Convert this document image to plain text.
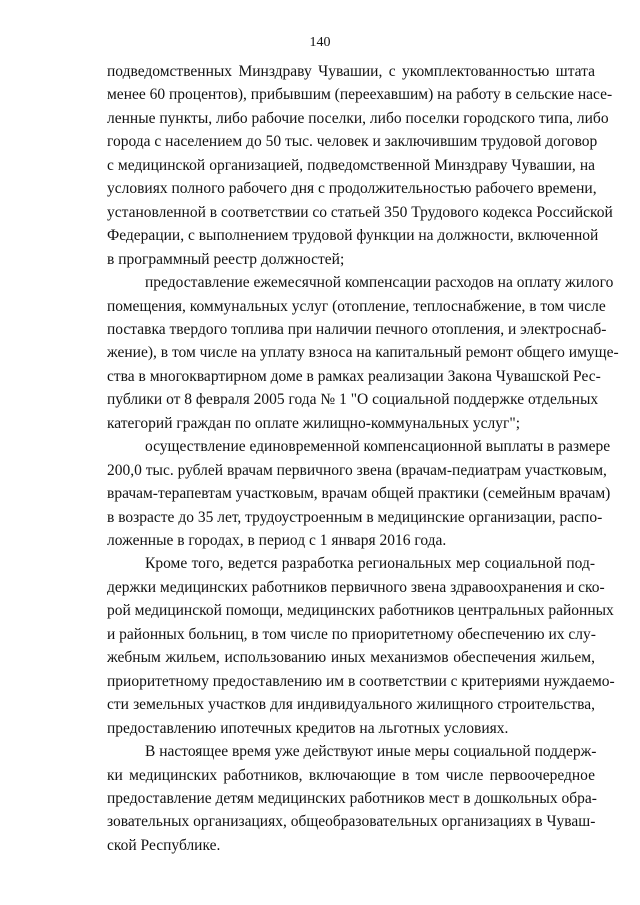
140
подведомственных Минздраву Чувашии, с укомплектованностью штата
менее 60 процентов), прибывшим (переехавшим) на работу в сельские насе-
ленные пункты, либо рабочие поселки, либо поселки городского типа, либо
города с населением до 50 тыс. человек и заключившим трудовой договор
с медицинской организацией, подведомственной Минздраву Чувашии, на
условиях полного рабочего дня с продолжительностью рабочего времени,
установленной в соответствии со статьей 350 Трудового кодекса Российской
Федерации, с выполнением трудовой функции на должности, включенной
в программный реестр должностей;
предоставление ежемесячной компенсации расходов на оплату жилого
помещения, коммунальных услуг (отопление, теплоснабжение, в том числе
поставка твердого топлива при наличии печного отопления, и электроснаб-
жение), в том числе на уплату взноса на капитальный ремонт общего имуще-
ства в многоквартирном доме в рамках реализации Закона Чувашской Рес-
публики от 8 февраля 2005 года № 1 "О социальной поддержке отдельных
категорий граждан по оплате жилищно-коммунальных услуг";
осуществление единовременной компенсационной выплаты в размере
200,0 тыс. рублей врачам первичного звена (врачам-педиатрам участковым,
врачам-терапевтам участковым, врачам общей практики (семейным врачам)
в возрасте до 35 лет, трудоустроенным в медицинские организации, распо-
ложенные в городах, в период с 1 января 2016 года.
Кроме того, ведется разработка региональных мер социальной под-
держки медицинских работников первичного звена здравоохранения и ско-
рой медицинской помощи, медицинских работников центральных районных
и районных больниц, в том числе по приоритетному обеспечению их слу-
жебным жильем, использованию иных механизмов обеспечения жильем,
приоритетному предоставлению им в соответствии с критериями нуждаемо-
сти земельных участков для индивидуального жилищного строительства,
предоставлению ипотечных кредитов на льготных условиях.
В настоящее время уже действуют иные меры социальной поддерж-
ки медицинских работников, включающие в том числе первоочередное
предоставление детям медицинских работников мест в дошкольных обра-
зовательных организациях, общеобразовательных организациях в Чуваш-
ской Республике.
